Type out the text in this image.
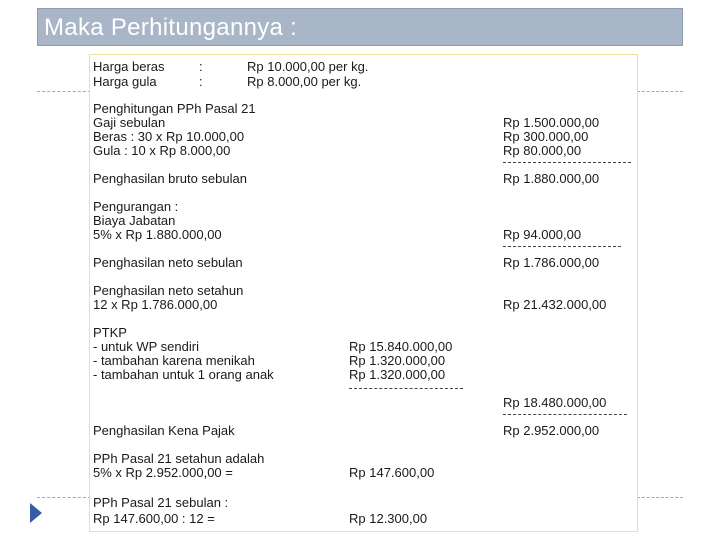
Maka Perhitungannya :
Harga beras	:	Rp 10.000,00 per kg.
Harga gula	:	Rp 8.000,00 per kg.
Penghitungan PPh Pasal 21
Gaji sebulan	Rp 1.500.000,00
Beras : 30 x Rp 10.000,00	Rp 300.000,00
Gula : 10 x Rp 8.000,00	Rp 80.000,00
Penghasilan bruto sebulan	Rp 1.880.000,00
Pengurangan :
Biaya Jabatan
5% x Rp 1.880.000,00	Rp 94.000,00
Penghasilan neto sebulan	Rp 1.786.000,00
Penghasilan neto setahun
12 x Rp 1.786.000,00	Rp 21.432.000,00
PTKP
- untuk WP sendiri	Rp 15.840.000,00
- tambahan karena menikah	Rp 1.320.000,00
- tambahan untuk 1 orang anak	Rp 1.320.000,00
Rp 18.480.000,00
Penghasilan Kena Pajak	Rp 2.952.000,00
PPh Pasal 21 setahun adalah
5% x Rp 2.952.000,00 =	Rp 147.600,00
PPh Pasal 21 sebulan :
Rp 147.600,00 : 12 =	Rp 12.300,00
